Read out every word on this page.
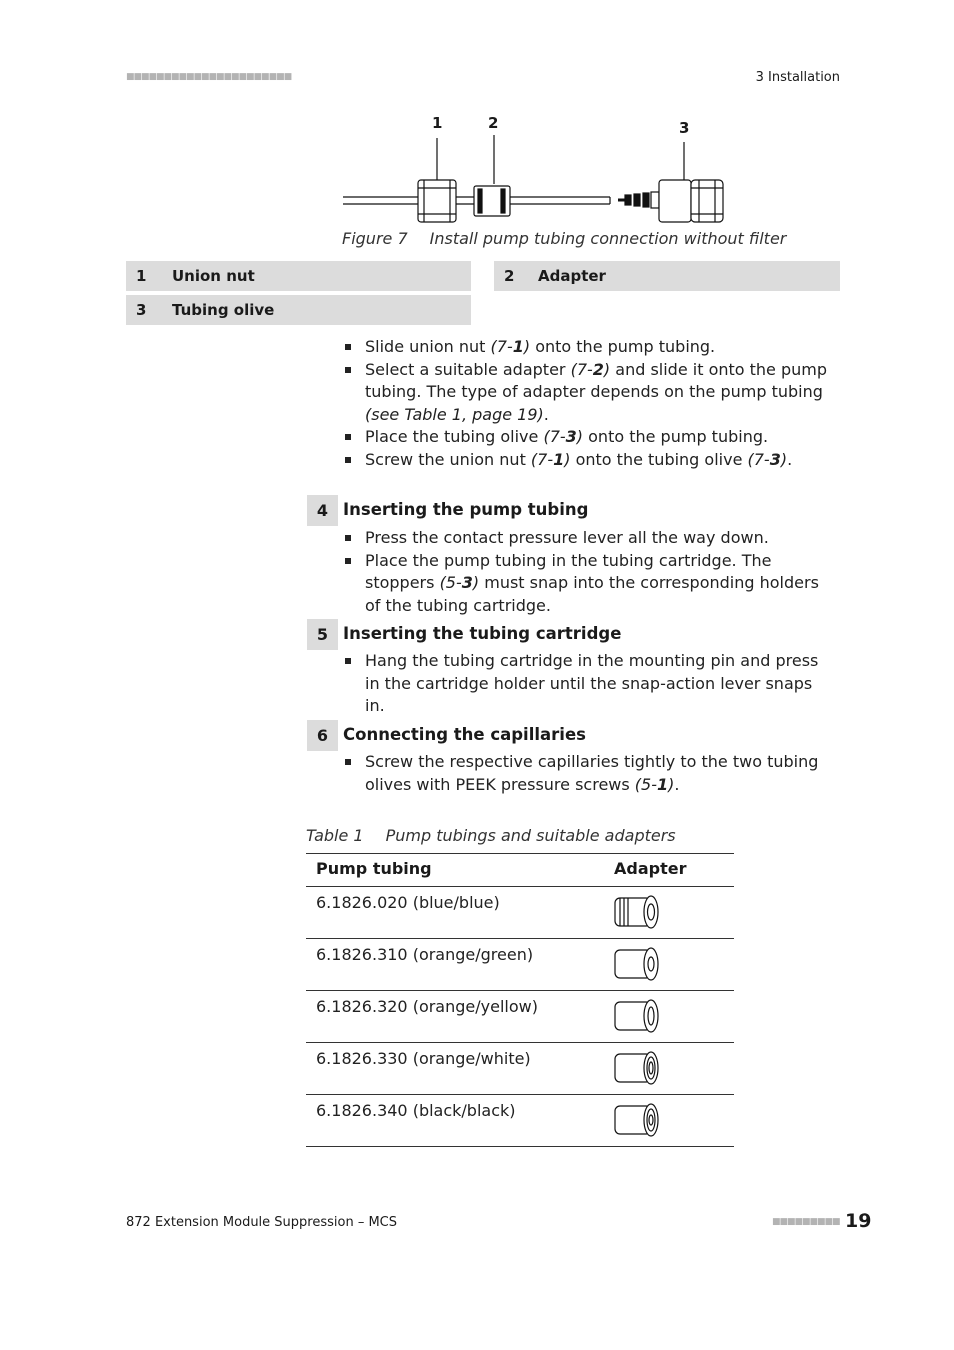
■■■■■■■■■■■■■■■■■■■■■■	3 Installation
1	2	3
Figure 7 Install pump tubing connection without filter
1 Union nut	2 Adapter
3 Tubing olive
Slide union nut (7-1) onto the pump tubing.
Select a suitable adapter (7-2) and slide it onto the pump tubing. The type of adapter depends on the pump tubing (see Table 1, page 19).
Place the tubing olive (7-3) onto the pump tubing.
Screw the union nut (7-1) onto the tubing olive (7-3).
4 Inserting the pump tubing
Press the contact pressure lever all the way down.
Place the pump tubing in the tubing cartridge. The stoppers (5-3) must snap into the corresponding holders of the tubing cartridge.
5 Inserting the tubing cartridge
Hang the tubing cartridge in the mounting pin and press in the cartridge holder until the snap-action lever snaps in.
6 Connecting the capillaries
Screw the respective capillaries tightly to the two tubing olives with PEEK pressure screws (5-1).
Table 1 Pump tubings and suitable adapters
Pump tubing	Adapter
6.1826.020 (blue/blue)
6.1826.310 (orange/green)
6.1826.320 (orange/yellow)
6.1826.330 (orange/white)
6.1826.340 (black/black)
872 Extension Module Suppression – MCS	■■■■■■■■■ 19
